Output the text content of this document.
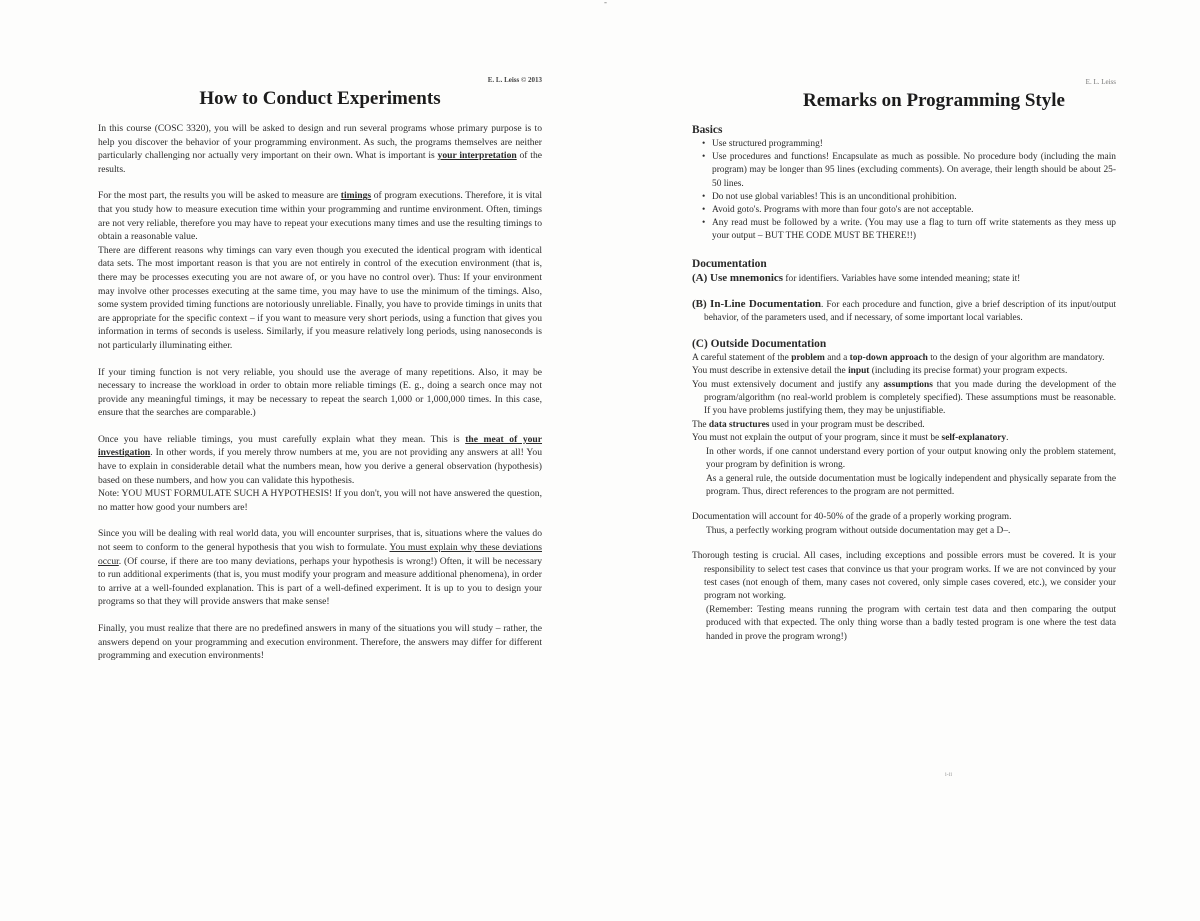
-
E. L. Leiss © 2013
How to Conduct Experiments

In this course (COSC 3320), you will be asked to design and run several programs whose primary purpose is to help you discover the behavior of your programming environment. As such, the programs themselves are neither particularly challenging nor actually very important on their own. What is important is your interpretation of the results.

For the most part, the results you will be asked to measure are timings of program executions. Therefore, it is vital that you study how to measure execution time within your programming and runtime environment. Often, timings are not very reliable, therefore you may have to repeat your executions many times and use the resulting timings to obtain a reasonable value.

There are different reasons why timings can vary even though you executed the identical program with identical data sets. The most important reason is that you are not entirely in control of the execution environment (that is, there may be processes executing you are not aware of, or you have no control over). Thus: If your environment may involve other processes executing at the same time, you may have to use the minimum of the timings. Also, some system provided timing functions are notoriously unreliable. Finally, you have to provide timings in units that are appropriate for the specific context – if you want to measure very short periods, using a function that gives you information in terms of seconds is useless. Similarly, if you measure relatively long periods, using nanoseconds is not particularly illuminating either.

If your timing function is not very reliable, you should use the average of many repetitions. Also, it may be necessary to increase the workload in order to obtain more reliable timings (E. g., doing a search once may not provide any meaningful timings, it may be necessary to repeat the search 1,000 or 1,000,000 times. In this case, ensure that the searches are comparable.)

Once you have reliable timings, you must carefully explain what they mean. This is the meat of your investigation. In other words, if you merely throw numbers at me, you are not providing any answers at all! You have to explain in considerable detail what the numbers mean, how you derive a general observation (hypothesis) based on these numbers, and how you can validate this hypothesis.

Note: YOU MUST FORMULATE SUCH A HYPOTHESIS! If you don't, you will not have answered the question, no matter how good your numbers are!

Since you will be dealing with real world data, you will encounter surprises, that is, situations where the values do not seem to conform to the general hypothesis that you wish to formulate. You must explain why these deviations occur. (Of course, if there are too many deviations, perhaps your hypothesis is wrong!) Often, it will be necessary to run additional experiments (that is, you must modify your program and measure additional phenomena), in order to arrive at a well-founded explanation. This is part of a well-defined experiment. It is up to you to design your programs so that they will provide answers that make sense!

Finally, you must realize that there are no predefined answers in many of the situations you will study – rather, the answers depend on your programming and execution environment. Therefore, the answers may differ for different programming and execution environments!

E. L. Leiss
Remarks on Programming Style
Basics
• Use structured programming!
• Use procedures and functions! Encapsulate as much as possible. No procedure body (including the main program) may be longer than 95 lines (excluding comments). On average, their length should be about 25-50 lines.
• Do not use global variables! This is an unconditional prohibition.
• Avoid goto's. Programs with more than four goto's are not acceptable.
• Any read must be followed by a write. (You may use a flag to turn off write statements as they mess up your output – BUT THE CODE MUST BE THERE!!)
Documentation

(A) Use mnemonics for identifiers. Variables have some intended meaning; state it!

(B) In-Line Documentation. For each procedure and function, give a brief description of its input/output behavior, of the parameters used, and if necessary, of some important local variables.

(C) Outside Documentation

A careful statement of the problem and a top-down approach to the design of your algorithm are mandatory.

You must describe in extensive detail the input (including its precise format) your program expects.

You must extensively document and justify any assumptions that you made during the development of the program/algorithm (no real-world problem is completely specified). These assumptions must be reasonable. If you have problems justifying them, they may be unjustifiable.

The data structures used in your program must be described.

You must not explain the output of your program, since it must be self-explanatory.

In other words, if one cannot understand every portion of your output knowing only the problem statement, your program by definition is wrong.

As a general rule, the outside documentation must be logically independent and physically separate from the program. Thus, direct references to the program are not permitted.

Documentation will account for 40-50% of the grade of a properly working program.

Thus, a perfectly working program without outside documentation may get a D–.

Thorough testing is crucial. All cases, including exceptions and possible errors must be covered. It is your responsibility to select test cases that convince us that your program works. If we are not convinced by your test cases (not enough of them, many cases not covered, only simple cases covered, etc.), we consider your program not working.

(Remember: Testing means running the program with certain test data and then comparing the output produced with that expected. The only thing worse than a badly tested program is one where the test data handed in prove the program wrong!)

i-ii
